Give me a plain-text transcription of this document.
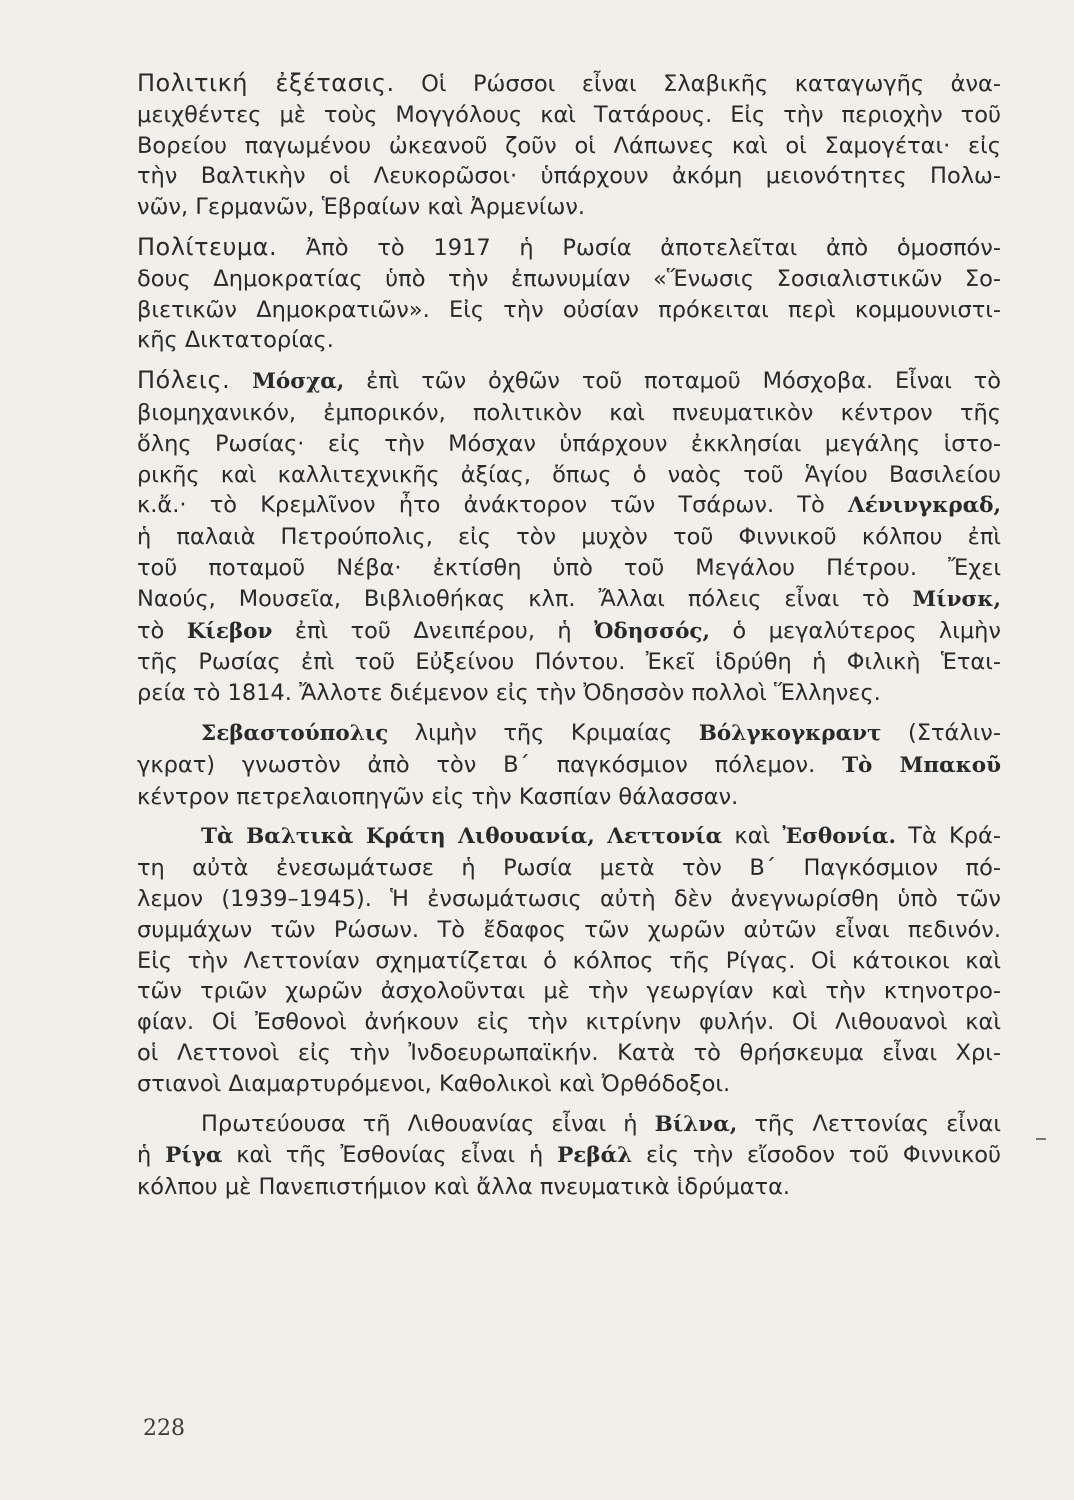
Πολιτική ἐξέτασις. Οἱ Ρώσσοι εἶναι Σλαβικῆς καταγωγῆς ἀνα-
μειχθέντες μὲ τοὺς Μογγόλους καὶ Τατάρους. Εἰς τὴν περιοχὴν τοῦ
Βορείου παγωμένου ὠκεανοῦ ζοῦν οἱ Λάπωνες καὶ οἱ Σαμογέται· εἰς
τὴν Βαλτικὴν οἱ Λευκορῶσοι· ὑπάρχουν ἀκόμη μειονότητες Πολω-
νῶν, Γερμανῶν, Ἑβραίων καὶ Ἀρμενίων.
Πολίτευμα. Ἀπὸ τὸ 1917 ἡ Ρωσία ἀποτελεῖται ἀπὸ ὁμοσπόν-
δους Δημοκρατίας ὑπὸ τὴν ἐπωνυμίαν «Ἕνωσις Σοσιαλιστικῶν Σο-
βιετικῶν Δημοκρατιῶν». Εἰς τὴν οὐσίαν πρόκειται περὶ κομμουνιστι-
κῆς Δικτατορίας.
Πόλεις. Μόσχα, ἐπὶ τῶν ὀχθῶν τοῦ ποταμοῦ Μόσχοβα. Εἶναι τὸ
βιομηχανικόν, ἐμπορικόν, πολιτικὸν καὶ πνευματικὸν κέντρον τῆς
ὅλης Ρωσίας· εἰς τὴν Μόσχαν ὑπάρχουν ἐκκλησίαι μεγάλης ἱστο-
ρικῆς καὶ καλλιτεχνικῆς ἀξίας, ὅπως ὁ ναὸς τοῦ Ἁγίου Βασιλείου
κ.ἄ.· τὸ Κρεμλῖνον ἦτο ἀνάκτορον τῶν Τσάρων. Τὸ Λένινγκραδ,
ἡ παλαιὰ Πετρούπολις, εἰς τὸν μυχὸν τοῦ Φιννικοῦ κόλπου ἐπὶ
τοῦ ποταμοῦ Νέβα· ἐκτίσθη ὑπὸ τοῦ Μεγάλου Πέτρου. Ἔχει
Ναούς, Μουσεῖα, Βιβλιοθήκας κλπ. Ἄλλαι πόλεις εἶναι τὸ Μίνσκ,
τὸ Κίεβον ἐπὶ τοῦ Δνειπέρου, ἡ Ὀδησσός, ὁ μεγαλύτερος λιμὴν
τῆς Ρωσίας ἐπὶ τοῦ Εὐξείνου Πόντου. Ἐκεῖ ἱδρύθη ἡ Φιλικὴ Ἑται-
ρεία τὸ 1814. Ἄλλοτε διέμενον εἰς τὴν Ὀδησσὸν πολλοὶ Ἕλληνες.
Σεβαστούπολις λιμὴν τῆς Κριμαίας Βόλγκογκραντ (Στάλιν-
γκρατ) γνωστὸν ἀπὸ τὸν Β΄ παγκόσμιον πόλεμον. Τὸ Μπακοῦ
κέντρον πετρελαιοπηγῶν εἰς τὴν Κασπίαν θάλασσαν.
Τὰ Βαλτικὰ Κράτη Λιθουανία, Λεττονία καὶ Ἐσθονία. Τὰ Κρά-
τη αὐτὰ ἐνεσωμάτωσε ἡ Ρωσία μετὰ τὸν Β΄ Παγκόσμιον πό-
λεμον (1939–1945). Ἡ ἐνσωμάτωσις αὐτὴ δὲν ἀνεγνωρίσθη ὑπὸ τῶν
συμμάχων τῶν Ρώσων. Τὸ ἔδαφος τῶν χωρῶν αὐτῶν εἶναι πεδινόν.
Εἰς τὴν Λεττονίαν σχηματίζεται ὁ κόλπος τῆς Ρίγας. Οἱ κάτοικοι καὶ
τῶν τριῶν χωρῶν ἀσχολοῦνται μὲ τὴν γεωργίαν καὶ τὴν κτηνοτρο-
φίαν. Οἱ Ἐσθονοὶ ἀνήκουν εἰς τὴν κιτρίνην φυλήν. Οἱ Λιθουανοὶ καὶ
οἱ Λεττονοὶ εἰς τὴν Ἰνδοευρωπαϊκήν. Κατὰ τὸ θρήσκευμα εἶναι Χρι-
στιανοὶ Διαμαρτυρόμενοι, Καθολικοὶ καὶ Ὀρθόδοξοι.
Πρωτεύουσα τῆ Λιθουανίας εἶναι ἡ Βίλνα, τῆς Λεττονίας εἶναι
ἡ Ρίγα καὶ τῆς Ἐσθονίας εἶναι ἡ Ρεβάλ εἰς τὴν εἴσοδον τοῦ Φιννικοῦ
κόλπου μὲ Πανεπιστήμιον καὶ ἄλλα πνευματικὰ ἱδρύματα.
228
